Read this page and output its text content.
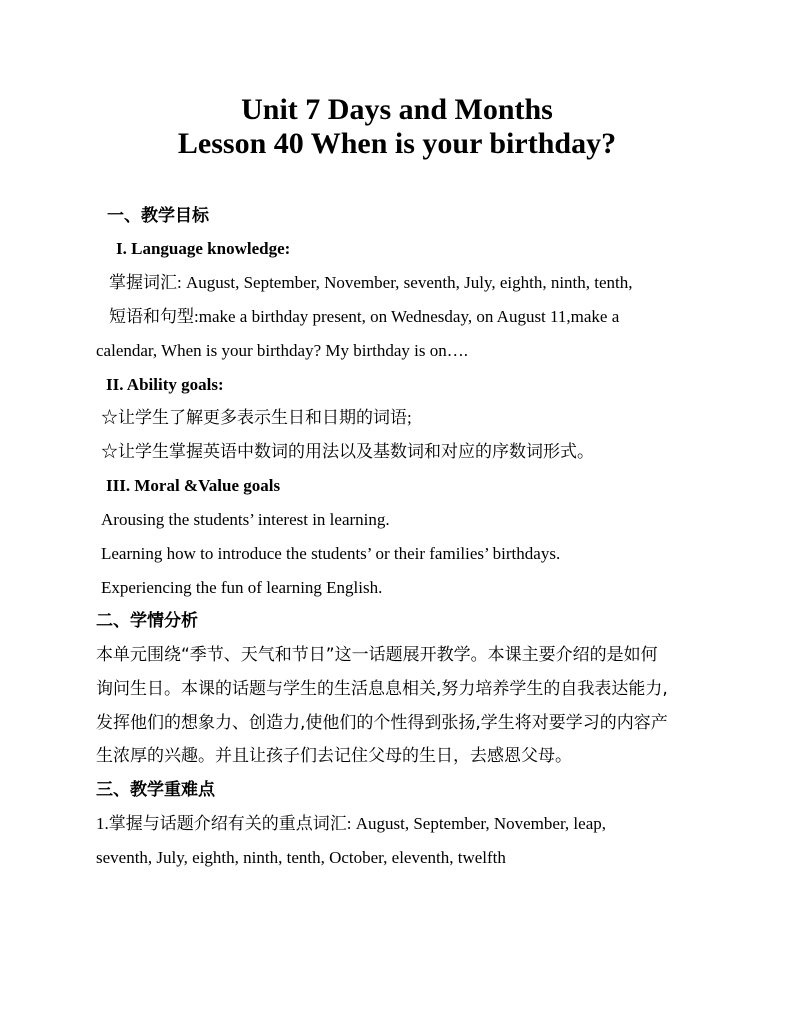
Unit 7 Days and Months
Lesson 40 When is your birthday?
一、教学目标
I. Language knowledge:
掌握词汇: August, September, November, seventh, July, eighth, ninth, tenth,
短语和句型:make a birthday present, on Wednesday, on August 11,make a
calendar, When is your birthday? My birthday is on….
II. Ability goals:
☆让学生了解更多表示生日和日期的词语;
☆让学生掌握英语中数词的用法以及基数词和对应的序数词形式。
III. Moral &Value goals
Arousing the students’ interest in learning.
Learning how to introduce the students’ or their families’ birthdays.
Experiencing the fun of learning English.
二、学情分析
本单元围绕“季节、天气和节日”这一话题展开教学。本课主要介绍的是如何
询问生日。本课的话题与学生的生活息息相关,努力培养学生的自我表达能力,
发挥他们的想象力、创造力,使他们的个性得到张扬,学生将对要学习的内容产
生浓厚的兴趣。并且让孩子们去记住父母的生日，去感恩父母。
三、教学重难点
1.掌握与话题介绍有关的重点词汇: August, September, November, leap,
seventh, July, eighth, ninth, tenth, October, eleventh, twelfth
